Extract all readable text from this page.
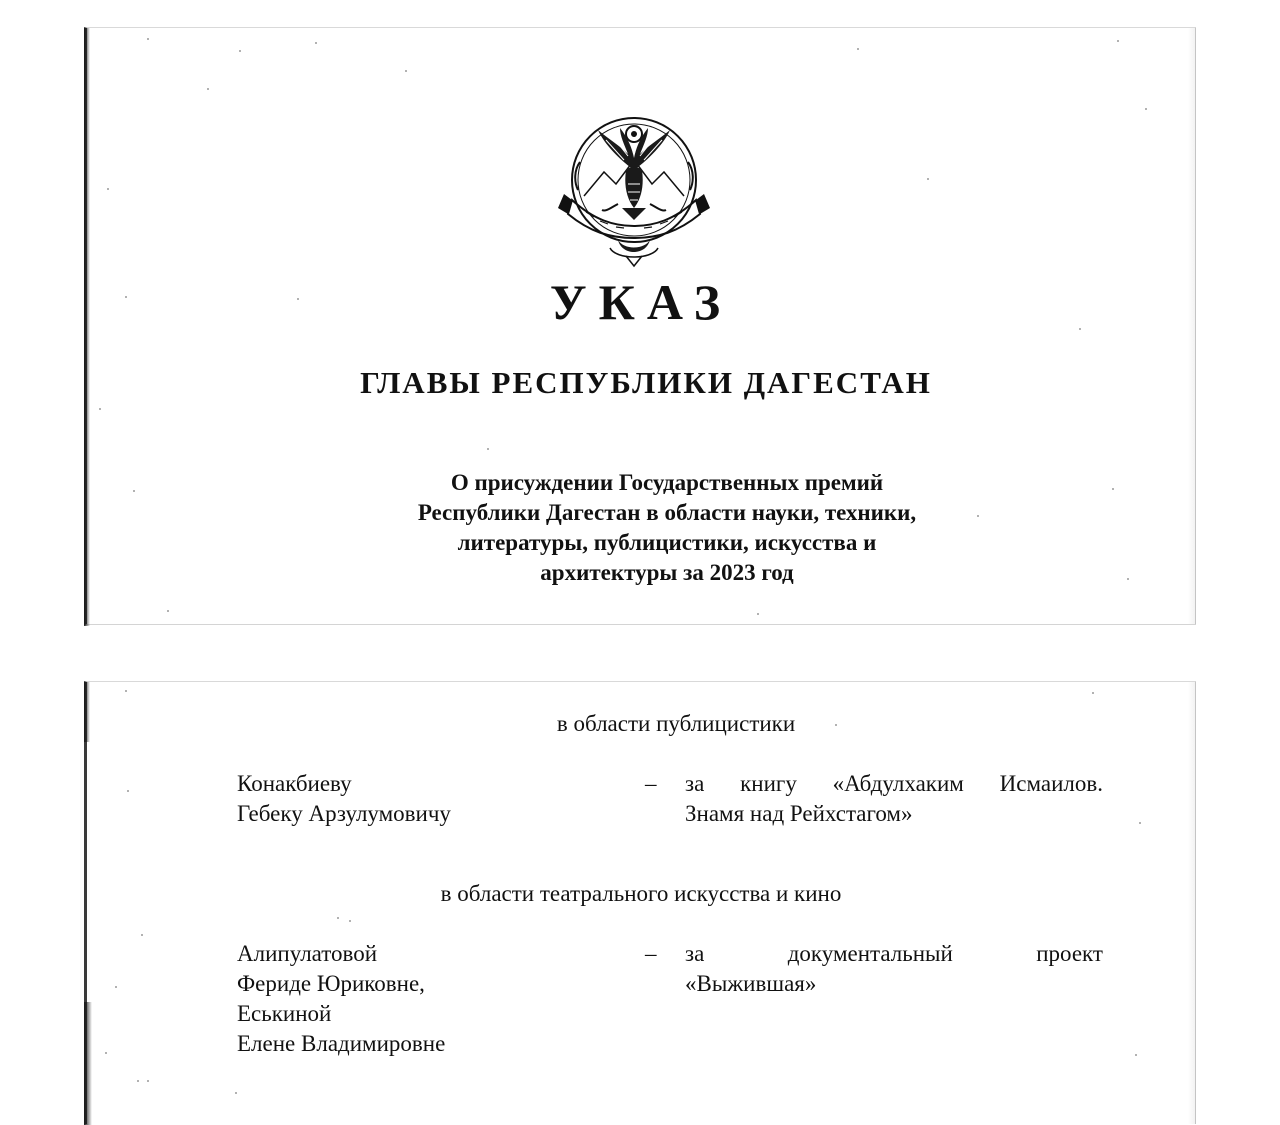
УКАЗ
ГЛАВЫ РЕСПУБЛИКИ ДАГЕСТАН
О присуждении Государственных премий
Республики Дагестан в области науки, техники,
литературы, публицистики, искусства и
архитектуры за 2023 год
в области публицистики
Конакбиеву
Гебеку Арзулумовичу
– за книгу «Абдулхаким Исмаилов.
Знамя над Рейхстагом»
в области театрального искусства и кино
Алипулатовой
Фериде Юриковне,
Еськиной
Елене Владимировне
– за	документальный	проект
«Выжившая»
